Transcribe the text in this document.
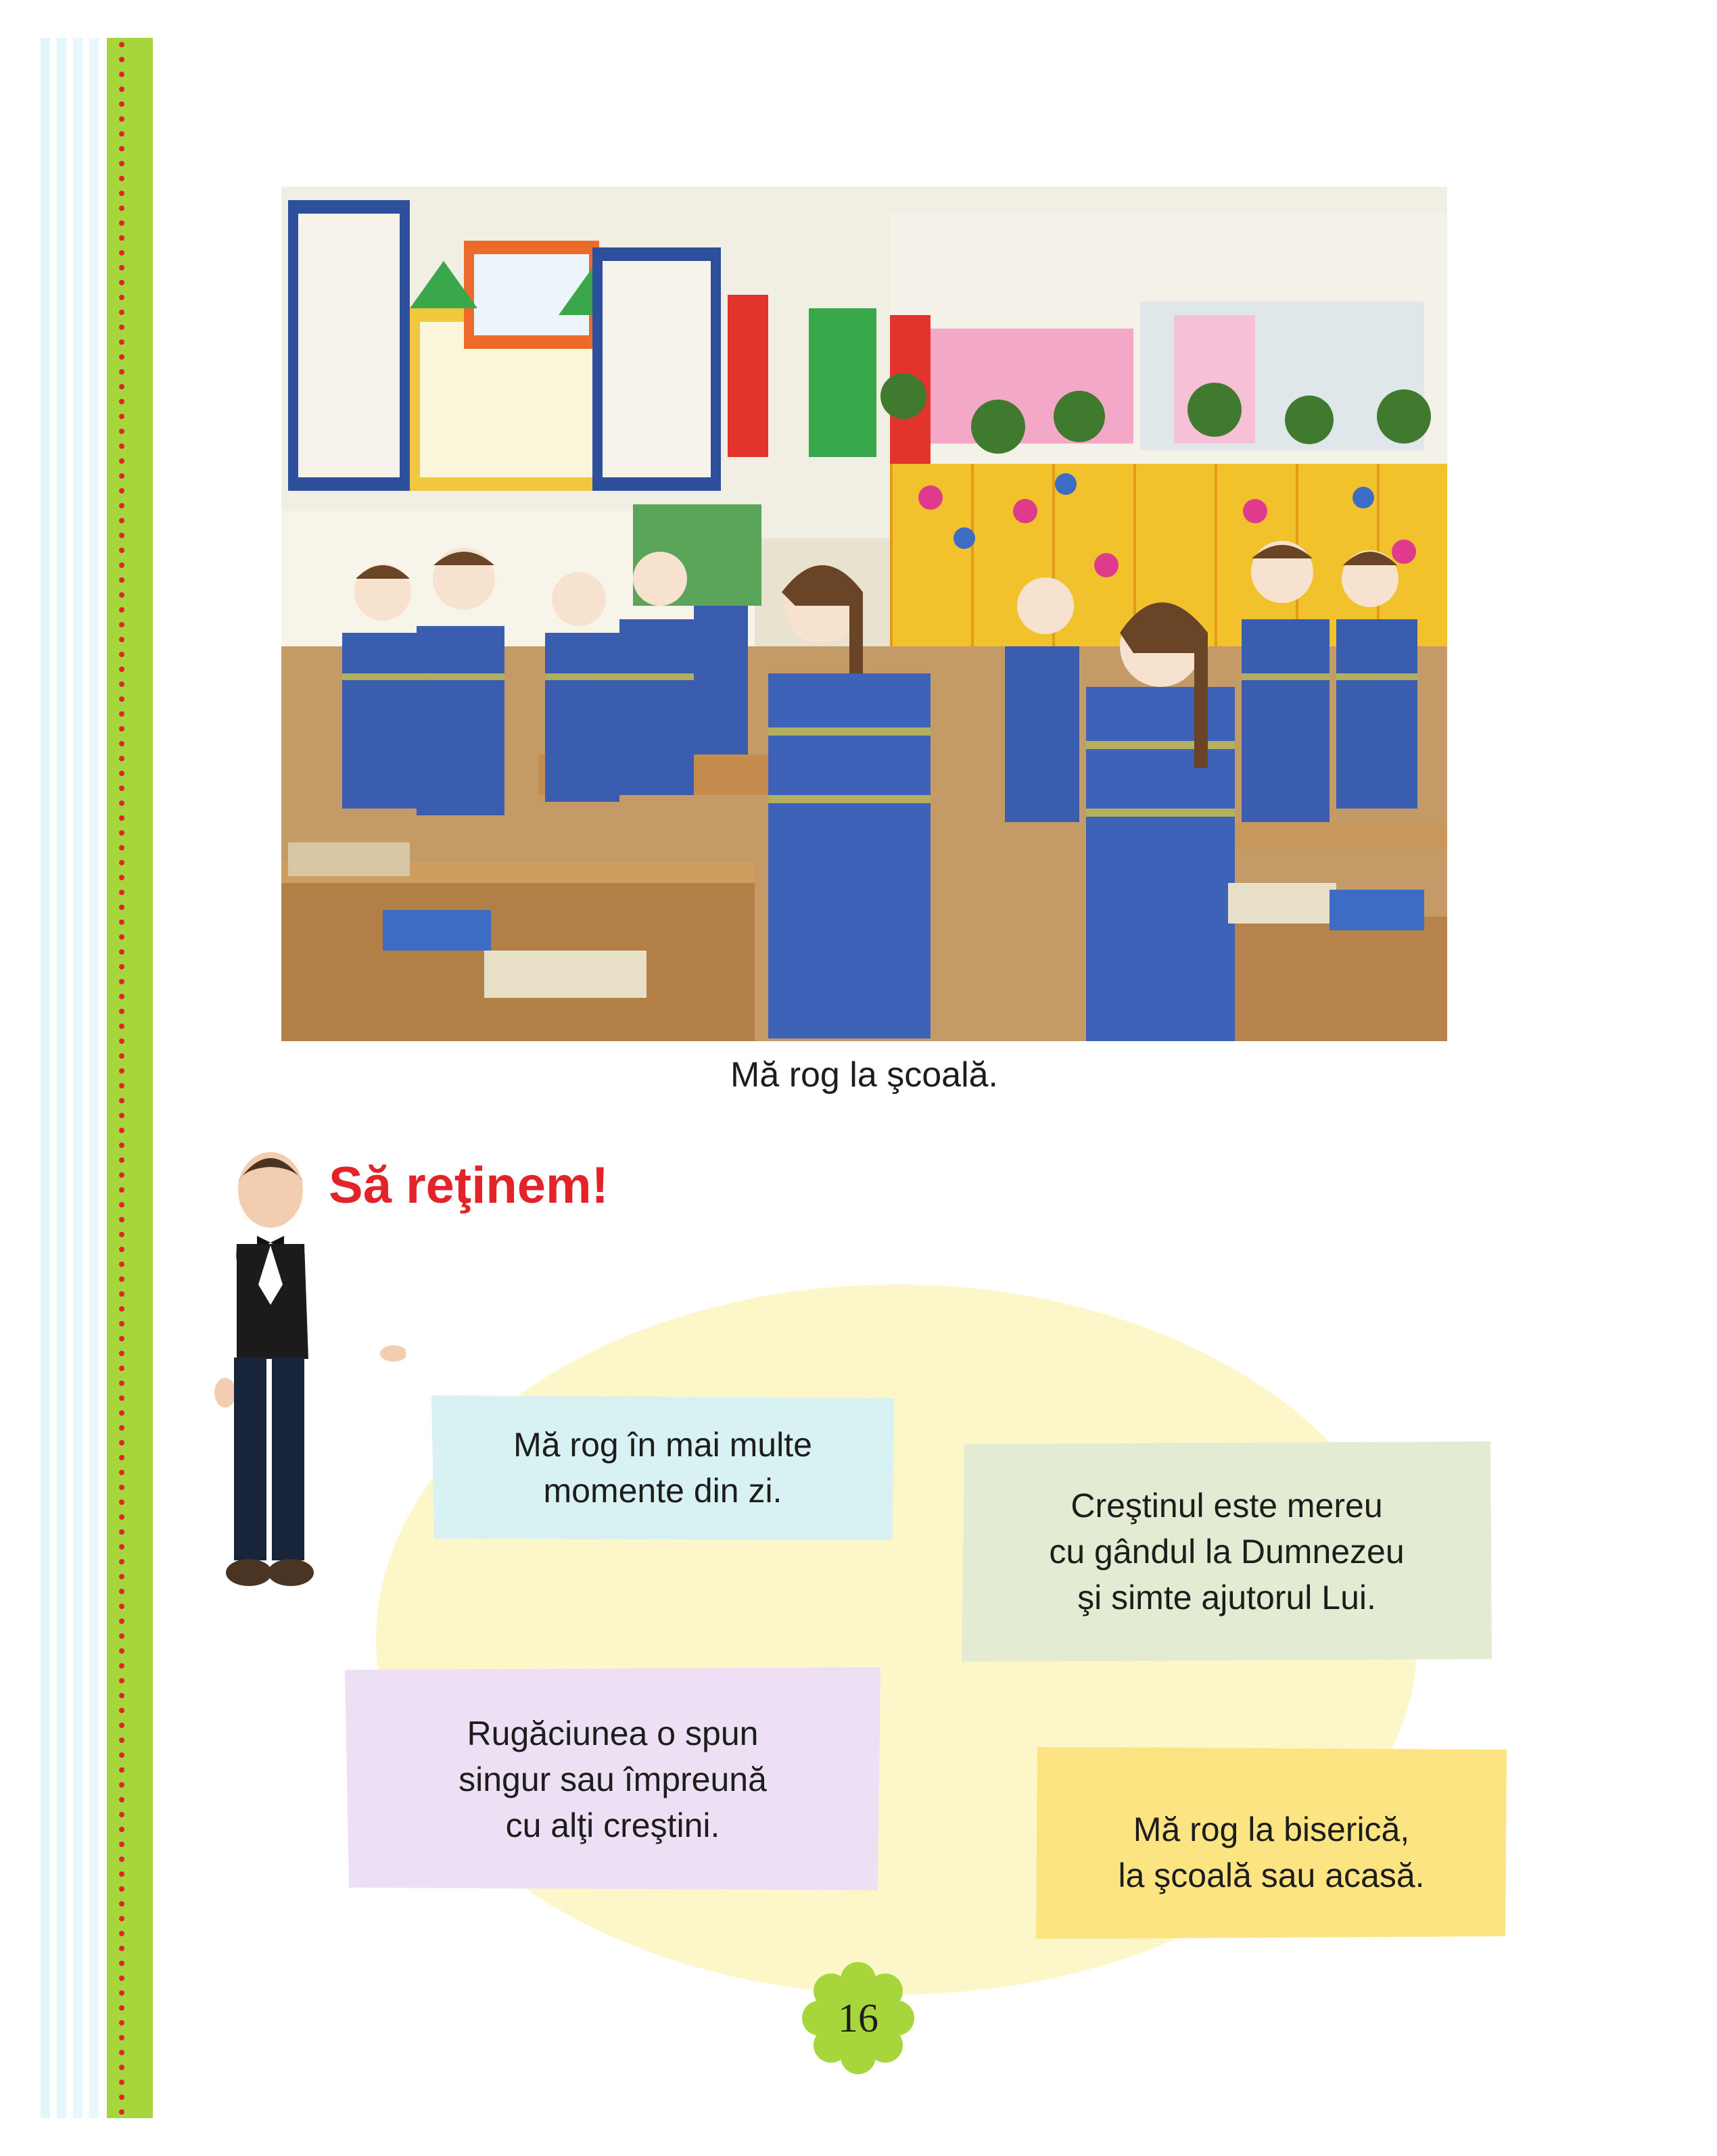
Mă rog la şcoală.
Să reţinem!
Mă rog în mai multe
momente din zi.	Creştinul este mereu
cu gândul la Dumnezeu
şi simte ajutorul Lui.
Rugăciunea o spun
singur sau împreună
cu alţi creştini.	Mă rog la biserică,
la şcoală sau acasă.
16
